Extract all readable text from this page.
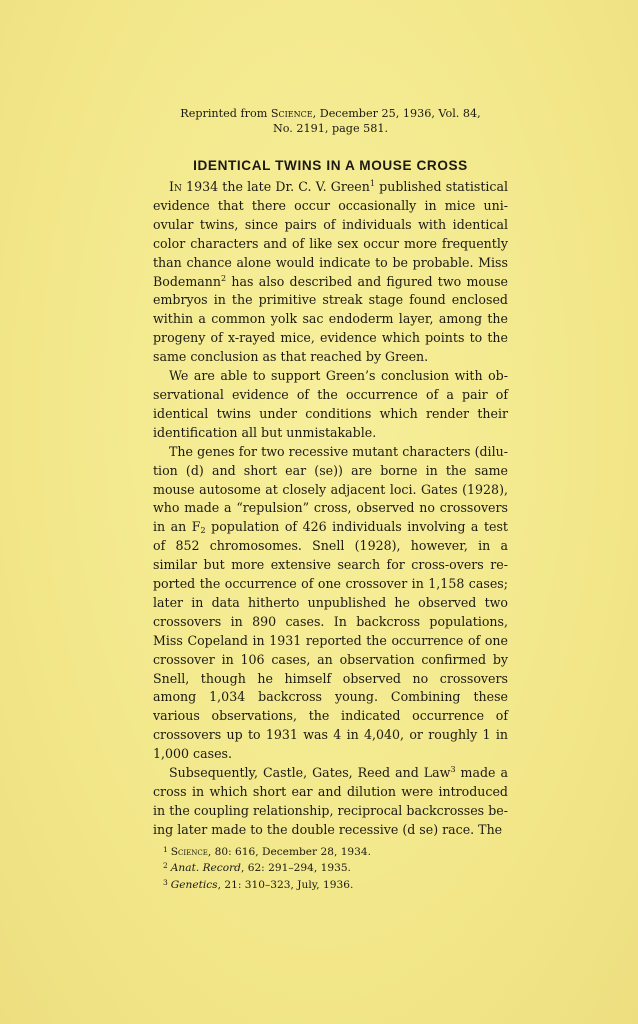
Reprinted from Science, December 25, 1936, Vol. 84,
No. 2191, page 581.

IDENTICAL TWINS IN A MOUSE CROSS

In 1934 the late Dr. C. V. Green$^1$ published statistical evidence that there occur occasionally in mice uniovular twins, since pairs of individuals with identical color characters and of like sex occur more frequently than chance alone would indicate to be probable. Miss Bodemann$^2$ has also described and figured two mouse embryos in the primitive streak stage found enclosed within a common yolk sac endoderm layer, among the progeny of x-rayed mice, evidence which points to the same conclusion as that reached by Green.

We are able to support Green’s conclusion with observational evidence of the occurrence of a pair of identical twins under conditions which render their identification all but unmistakable.

The genes for two recessive mutant characters (dilution (d) and short ear (se)) are borne in the same mouse autosome at closely adjacent loci. Gates (1928), who made a “repulsion” cross, observed no crossovers in an $F_2$ population of 426 individuals involving a test of 852 chromosomes. Snell (1928), however, in a similar but more extensive search for cross-overs reported the occurrence of one crossover in 1,158 cases; later in data hitherto unpublished he observed two crossovers in 890 cases. In backcross populations, Miss Copeland in 1931 reported the occurrence of one crossover in 106 cases, an observation confirmed by Snell, though he himself observed no crossovers among 1,034 backcross young. Combining these various observations, the indicated occurrence of crossovers up to 1931 was 4 in 4,040, or roughly 1 in 1,000 cases.

Subsequently, Castle, Gates, Reed and Law$^3$ made a cross in which short ear and dilution were introduced in the coupling relationship, reciprocal backcrosses being later made to the double recessive (d se) race. The

$^1$ Science, 80: 616, December 28, 1934.
$^2$ Anat. Record, 62: 291–294, 1935.
$^3$ Genetics, 21: 310–323, July, 1936.
